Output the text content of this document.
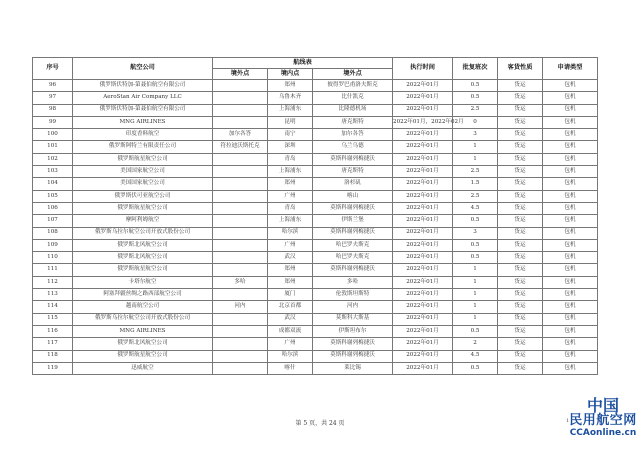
序号	航空公司	航线表			执行时间	批复班次	客货性质	申请类型
		境外点	境内点	境外点				
96	俄罗斯伏特加-第聂伯航空有限公司		郑州	彼得罗巴甫洛夫斯克	2022年01月	0.5	货运	包机
97	AeroStan Air Company LLC		乌鲁木齐	比什凯克	2022年01月	0.5	货运	包机
98	俄罗斯伏特加-第聂伯航空有限公司		上海浦东	比隆德机场	2022年01月	2.5	货运	包机
99	MNG AIRLINES		昆明	唐克斯特	2022年01月，2022年02月	0	货运	包机
100	印度香料航空	加尔各答	南宁	加尔各答	2022年01月	3	货运	包机
101	俄罗斯阿特兰有限责任公司	符拉迪沃斯托克	深圳	乌兰乌德	2022年01月	1	货运	包机
102	俄罗斯航星航空公司		青岛	莫斯科谢列梅捷沃	2022年01月	1	货运	包机
103	美国国家航空公司		上海浦东	唐克斯特	2022年01月	2.5	货运	包机
104	美国国家航空公司		郑州	洛杉矶	2022年01月	1.5	货运	包机
105	俄罗斯伏可亚航空公司		广州	喀山	2022年01月	2.5	货运	包机
106	俄罗斯航星航空公司		青岛	莫斯科谢列梅捷沃	2022年01月	4.5	货运	包机
107	摩阿利姆航空		上海浦东	伊斯兰堡	2022年01月	0.5	货运	包机
108	俄罗斯乌拉尔航空公司开放式股份公司		哈尔滨	莫斯科谢列梅捷沃	2022年01月	3	货运	包机
109	俄罗斯北风航空公司		广州	哈巴罗夫斯克	2022年01月	0.5	货运	包机
110	俄罗斯北风航空公司		武汉	哈巴罗夫斯克	2022年01月	0.5	货运	包机
111	俄罗斯航星航空公司		郑州	莫斯科谢列梅捷沃	2022年01月	1	货运	包机
112	卡塔尔航空	多哈	郑州	多哈	2022年01月	1	货运	包机
113	阿塞拜疆丝绸之路西部航空公司		厦门	伦敦斯坦斯特	2022年01月	1	货运	包机
114	越南航空公司	河内	北京首都	河内	2022年01月	1	货运	包机
115	俄罗斯乌拉尔航空公司开放式股份公司		武汉	莫斯科大斯基	2022年01月	1	货运	包机
116	MNG AIRLINES		成都双流	伊斯坦布尔	2022年01月	0.5	货运	包机
117	俄罗斯北风航空公司		广州	莫斯科谢列梅捷沃	2022年01月	2	货运	包机
118	俄罗斯航星航空公司		哈尔滨	莫斯科谢列梅捷沃	2022年01月	4.5	货运	包机
119	迅威航空		喀什	莱比锡	2022年01月	0.5	货运	包机
第 5 页，共 24 页	1
中国
民用航空网
CCAonline.cn
